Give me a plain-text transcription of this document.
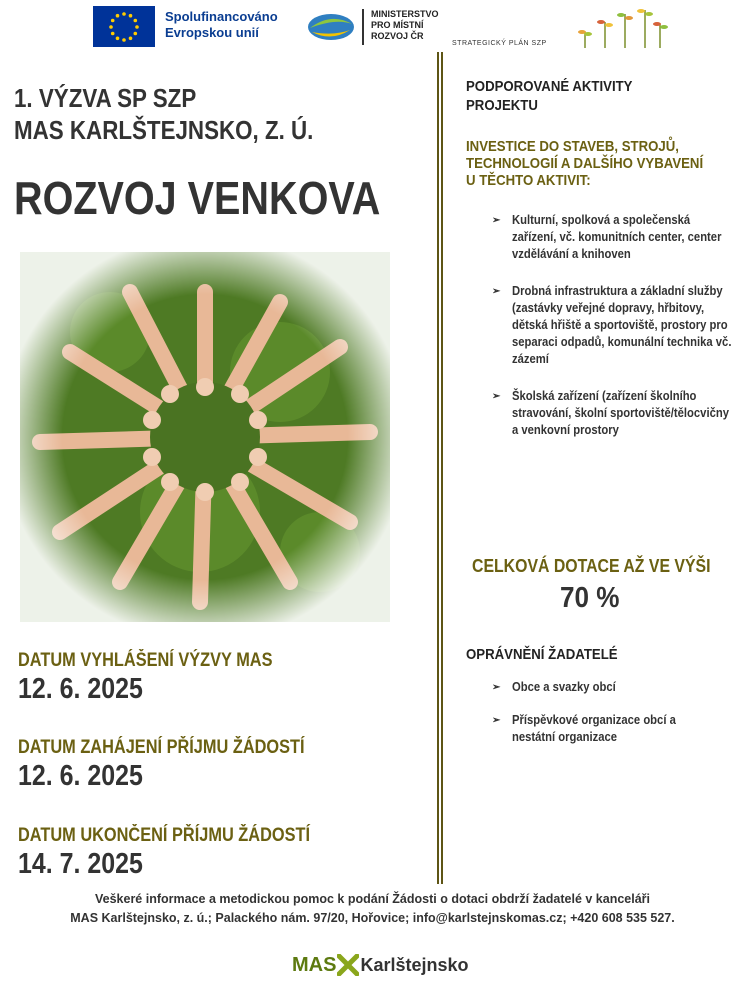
Spolufinancováno
Evropskou unií
MINISTERSTVO
PRO MÍSTNÍ
ROZVOJ ČR
STRATEGICKÝ PLÁN SZP
1. VÝZVA SP SZP
MAS KARLŠTEJNSKO, Z. Ú.
ROZVOJ VENKOVA
DATUM VYHLÁŠENÍ VÝZVY MAS
12. 6. 2025
DATUM ZAHÁJENÍ PŘÍJMU ŽÁDOSTÍ
12. 6. 2025
DATUM UKONČENÍ PŘÍJMU ŽÁDOSTÍ
14. 7. 2025
PODPOROVANÉ AKTIVITY
PROJEKTU
INVESTICE DO STAVEB, STROJŮ,
TECHNOLOGIÍ A DALŠÍHO VYBAVENÍ
U TĚCHTO AKTIVIT:
➢ Kulturní, spolková a společenská zařízení, vč. komunitních center, center vzdělávání a knihoven
➢ Drobná infrastruktura a základní služby (zastávky veřejné dopravy, hřbitovy, dětská hřiště a sportoviště, prostory pro separaci odpadů, komunální technika vč. zázemí
➢ Školská zařízení (zařízení školního stravování, školní sportoviště/tělocvičny a venkovní prostory
CELKOVÁ DOTACE AŽ VE VÝŠI
70 %
OPRÁVNĚNÍ ŽADATELÉ
➢ Obce a svazky obcí
➢ Příspěvkové organizace obcí a nestátní organizace
Veškeré informace a metodickou pomoc k podání Žádosti o dotaci obdrží žadatelé v kanceláři
MAS Karlštejnsko, z. ú.; Palackého nám. 97/20, Hořovice; info@karlstejnskomas.cz; +420 608 535 527.
MAS Karlštejnsko
